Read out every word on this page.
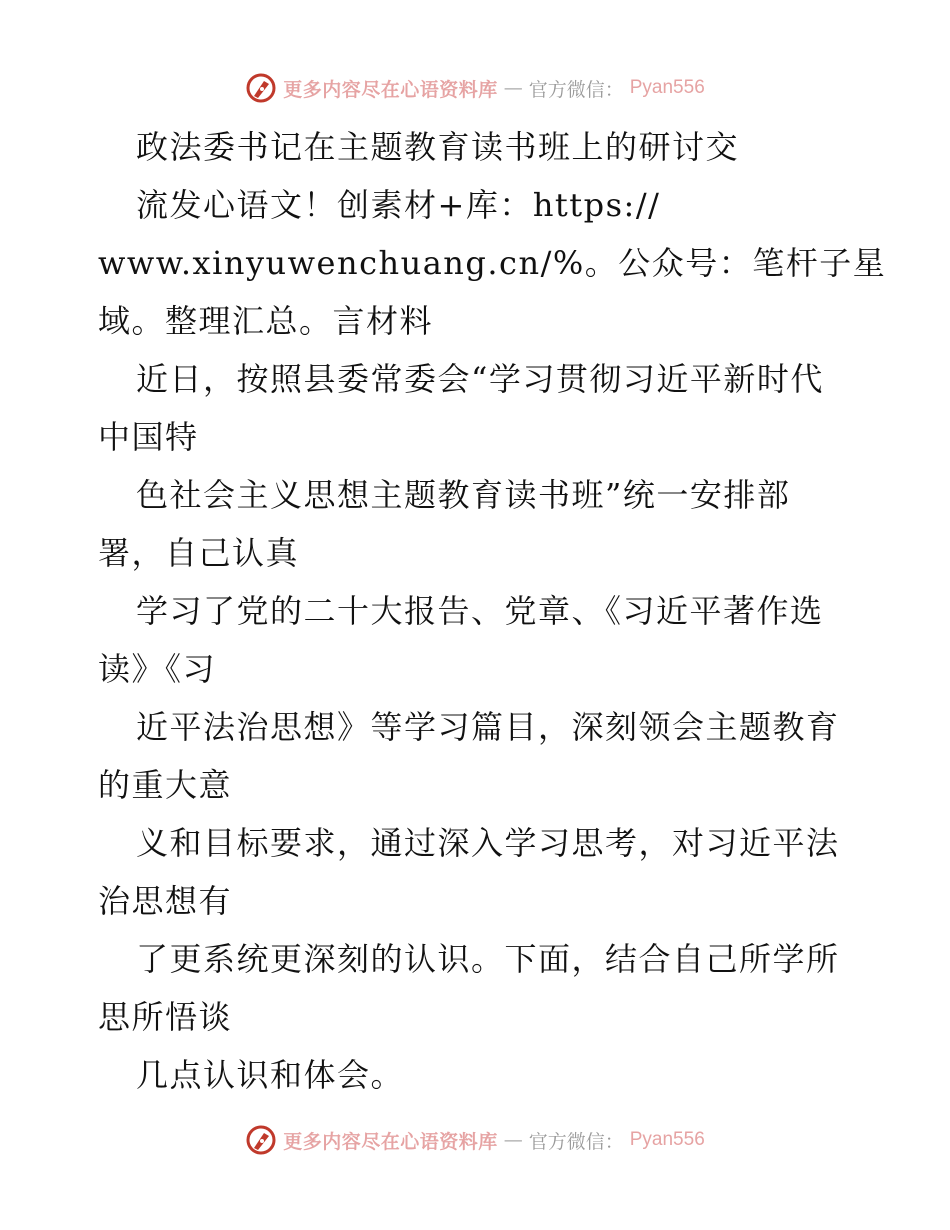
更多内容尽在心语资料库 — 官方微信： Pyan556
政法委书记在主题教育读书班上的研讨交
流发心语文！创素材+库：https://
www.xinyuwenchuang.cn/%。公众号：笔杆子星
域。整理汇总。言材料
近日，按照县委常委会“学习贯彻习近平新时代
中国特
色社会主义思想主题教育读书班”统一安排部
署，自己认真
学习了党的二十大报告、党章、《习近平著作选
读》《习
近平法治思想》等学习篇目，深刻领会主题教育
的重大意
义和目标要求，通过深入学习思考，对习近平法
治思想有
了更系统更深刻的认识。下面，结合自己所学所
思所悟谈
几点认识和体会。
更多内容尽在心语资料库 — 官方微信： Pyan556
